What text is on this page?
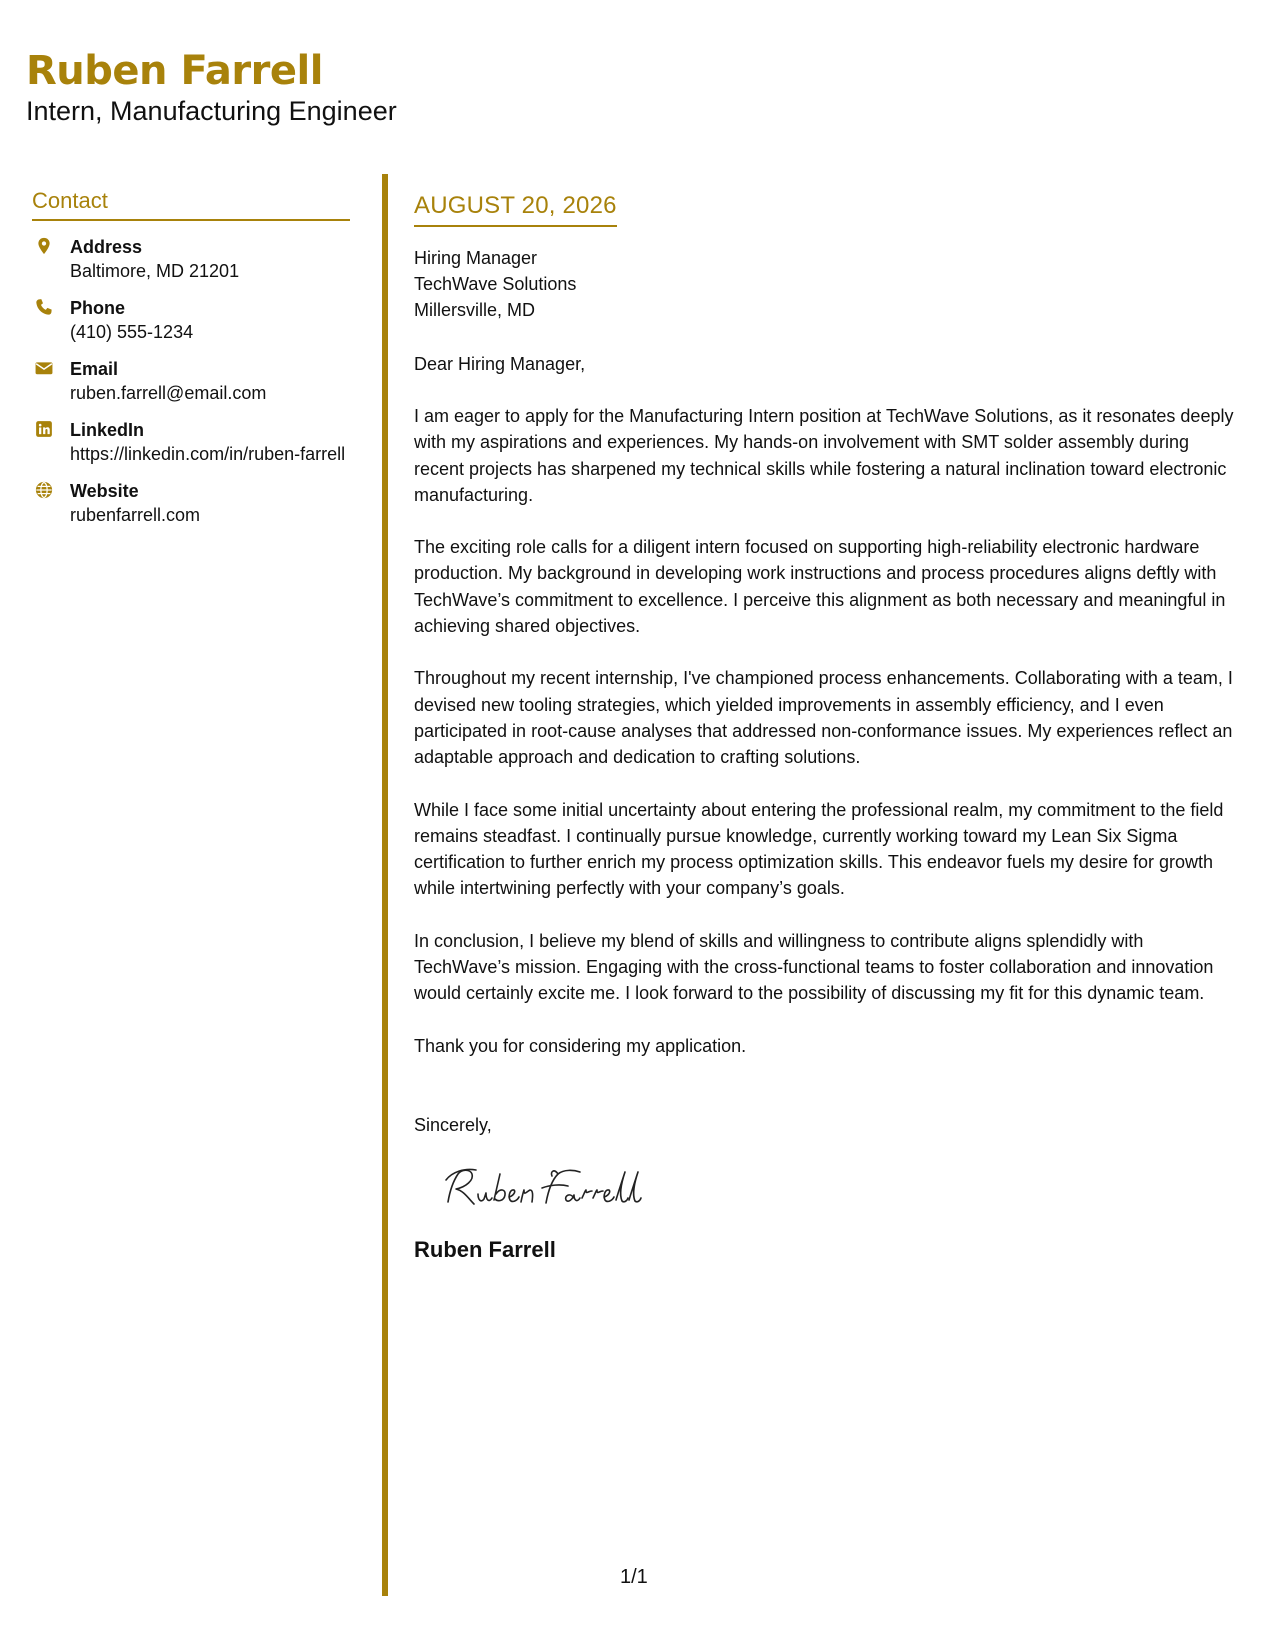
Ruben Farrell
Intern, Manufacturing Engineer
Contact
Address
Baltimore, MD 21201
Phone
(410) 555-1234
Email
ruben.farrell@email.com
LinkedIn
https://linkedin.com/in/ruben-farrell
Website
rubenfarrell.com
AUGUST 20, 2026
Hiring Manager
TechWave Solutions
Millersville, MD
Dear Hiring Manager,
I am eager to apply for the Manufacturing Intern position at TechWave Solutions, as it resonates deeply with my aspirations and experiences. My hands-on involvement with SMT solder assembly during recent projects has sharpened my technical skills while fostering a natural inclination toward electronic manufacturing.
The exciting role calls for a diligent intern focused on supporting high-reliability electronic hardware production. My background in developing work instructions and process procedures aligns deftly with TechWave’s commitment to excellence. I perceive this alignment as both necessary and meaningful in achieving shared objectives.
Throughout my recent internship, I've championed process enhancements. Collaborating with a team, I devised new tooling strategies, which yielded improvements in assembly efficiency, and I even participated in root-cause analyses that addressed non-conformance issues. My experiences reflect an adaptable approach and dedication to crafting solutions.
While I face some initial uncertainty about entering the professional realm, my commitment to the field remains steadfast. I continually pursue knowledge, currently working toward my Lean Six Sigma certification to further enrich my process optimization skills. This endeavor fuels my desire for growth while intertwining perfectly with your company’s goals.
In conclusion, I believe my blend of skills and willingness to contribute aligns splendidly with TechWave’s mission. Engaging with the cross-functional teams to foster collaboration and innovation would certainly excite me. I look forward to the possibility of discussing my fit for this dynamic team.
Thank you for considering my application.
Sincerely,
Ruben Farrell
1/1
